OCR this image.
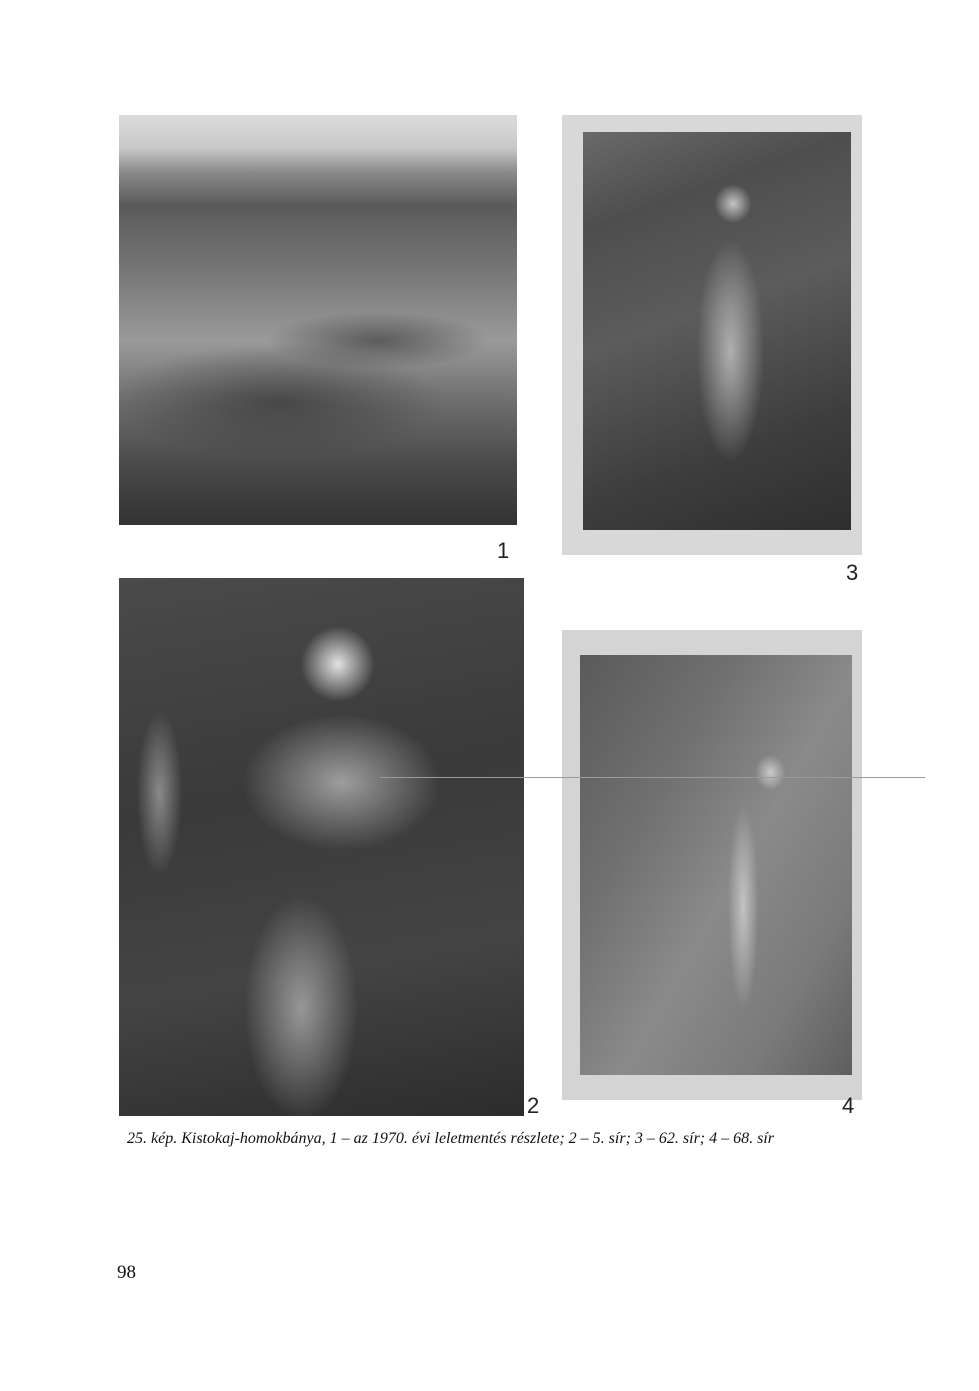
1
3
2	4
25. kép. Kistokaj-homokbánya, 1 – az 1970. évi leletmentés részlete; 2 – 5. sír; 3 – 62. sír; 4 – 68. sír
98
